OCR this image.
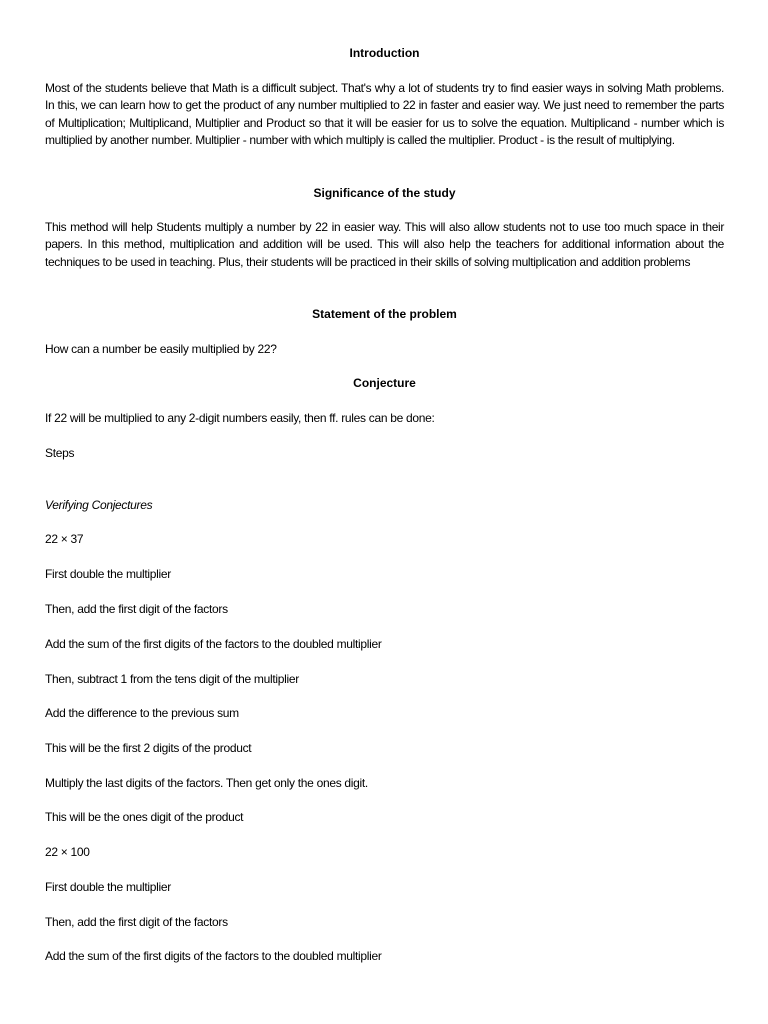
Introduction
Most of the students believe that Math is a difficult subject. That's why a lot of students try to find easier ways in solving Math problems. In this, we can learn how to get the product of any number multiplied to 22 in faster and easier way. We just need to remember the parts of Multiplication; Multiplicand, Multiplier and Product so that it will be easier for us to solve the equation. Multiplicand - number which is multiplied by another number. Multiplier - number with which multiply is called the multiplier. Product - is the result of multiplying.
Significance of the study
This method will help Students multiply a number by 22 in easier way. This will also allow students not to use too much space in their papers. In this method, multiplication and addition will be used. This will also help the teachers for additional information about the techniques to be used in teaching. Plus, their students will be practiced in their skills of solving multiplication and addition problems
Statement of the problem
How can a number be easily multiplied by 22?
Conjecture
If 22 will be multiplied to any 2-digit numbers easily, then ff. rules can be done:
Steps
Verifying Conjectures
22 × 37
First double the multiplier
Then, add the first digit of the factors
Add the sum of the first digits of the factors to the doubled multiplier
Then, subtract 1 from the tens digit of the multiplier
Add the difference to the previous sum
This will be the first 2 digits of the product
Multiply the last digits of the factors. Then get only the ones digit.
This will be the ones digit of the product
22 × 100
First double the multiplier
Then, add the first digit of the factors
Add the sum of the first digits of the factors to the doubled multiplier
